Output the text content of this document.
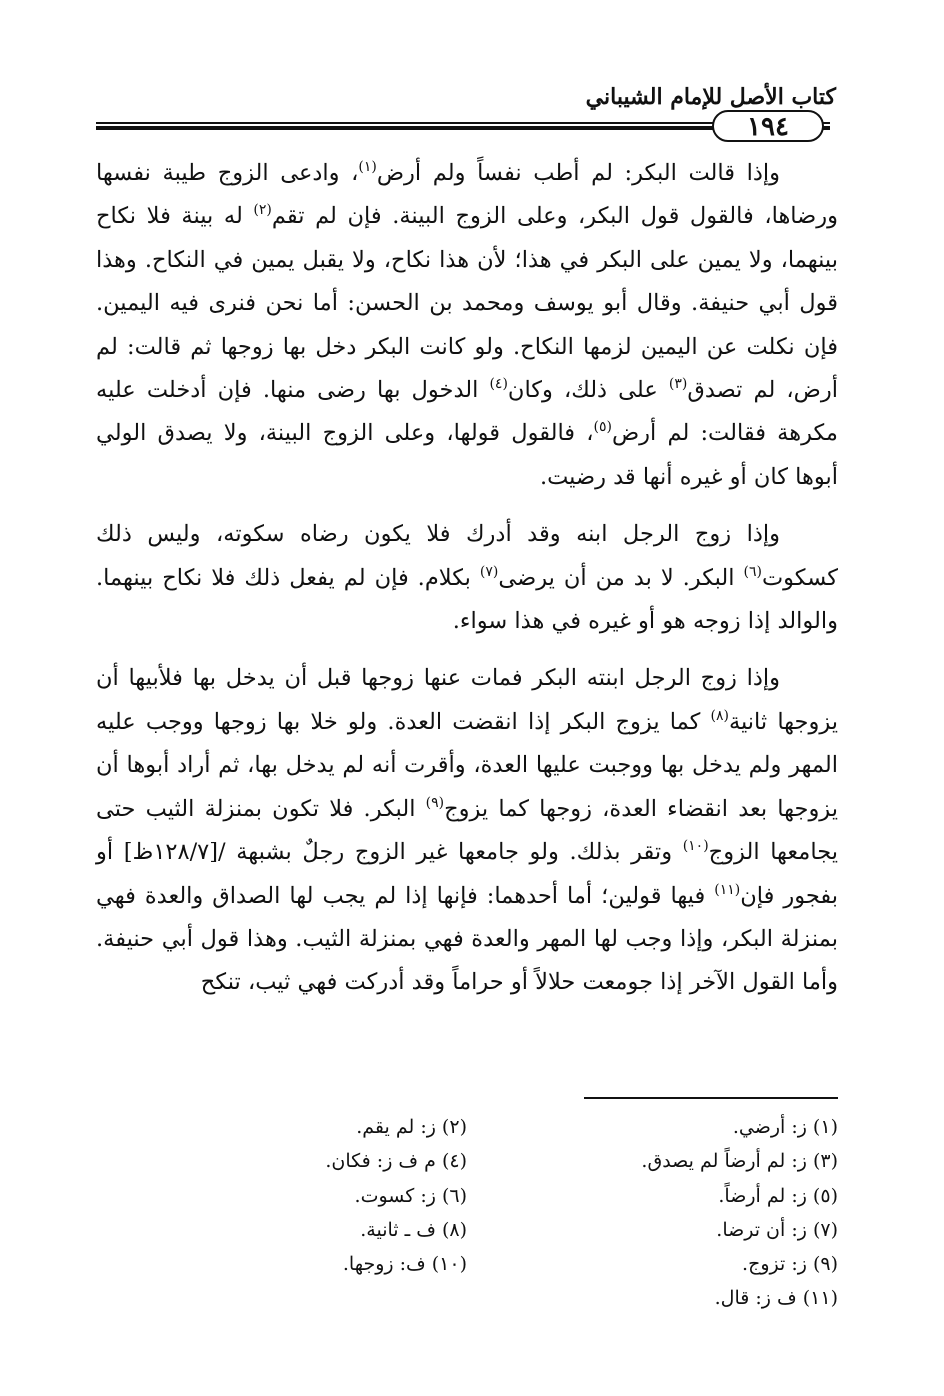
كتاب الأصل للإمام الشيباني
١٩٤

وإذا قالت البكر: لم أطب نفساً ولم أرض$^{(١)}$، وادعى الزوج طيبة نفسها ورضاها، فالقول قول البكر، وعلى الزوج البينة. فإن لم تقم$^{(٢)}$ له بينة فلا نكاح بينهما، ولا يمين على البكر في هذا؛ لأن هذا نكاح، ولا يقبل يمين في النكاح. وهذا قول أبي حنيفة. وقال أبو يوسف ومحمد بن الحسن: أما نحن فنرى فيه اليمين. فإن نكلت عن اليمين لزمها النكاح. ولو كانت البكر دخل بها زوجها ثم قالت: لم أرض، لم تصدق$^{(٣)}$ على ذلك، وكان$^{(٤)}$ الدخول بها رضى منها. فإن أدخلت عليه مكرهة فقالت: لم أرض$^{(٥)}$، فالقول قولها، وعلى الزوج البينة، ولا يصدق الولي أبوها كان أو غيره أنها قد رضيت.

وإذا زوج الرجل ابنه وقد أدرك فلا يكون رضاه سكوته، وليس ذلك كسكوت$^{(٦)}$ البكر. لا بد من أن يرضى$^{(٧)}$ بكلام. فإن لم يفعل ذلك فلا نكاح بينهما. والوالد إذا زوجه هو أو غيره في هذا سواء.

وإذا زوج الرجل ابنته البكر فمات عنها زوجها قبل أن يدخل بها فلأبيها أن يزوجها ثانية$^{(٨)}$ كما يزوج البكر إذا انقضت العدة. ولو خلا بها زوجها ووجب عليه المهر ولم يدخل بها ووجبت عليها العدة، وأقرت أنه لم يدخل بها، ثم أراد أبوها أن يزوجها بعد انقضاء العدة، زوجها كما يزوج$^{(٩)}$ البكر. فلا تكون بمنزلة الثيب حتى يجامعها الزوج$^{(١٠)}$ وتقر بذلك. ولو جامعها غير الزوج رجلٌ بشبهة /[١٢٨/٧ظ] أو بفجور فإن$^{(١١)}$ فيها قولين؛ أما أحدهما: فإنها إذا لم يجب لها الصداق والعدة فهي بمنزلة البكر، وإذا وجب لها المهر والعدة فهي بمنزلة الثيب. وهذا قول أبي حنيفة. وأما القول الآخر إذا جومعت حلالاً أو حراماً وقد أدركت فهي ثيب، تنكح

(١) ز: أرضي.
(٢) ز: لم يقم.
(٣) ز: لم أرضاً لم يصدق.
(٤) م ف ز: فكان.
(٥) ز: لم أرضاً.
(٦) ز: كسوت.
(٧) ز: أن ترضا.
(٨) ف ـ ثانية.
(٩) ز: تزوج.
(١٠) ف: زوجها.
(١١) ف ز: قال.
